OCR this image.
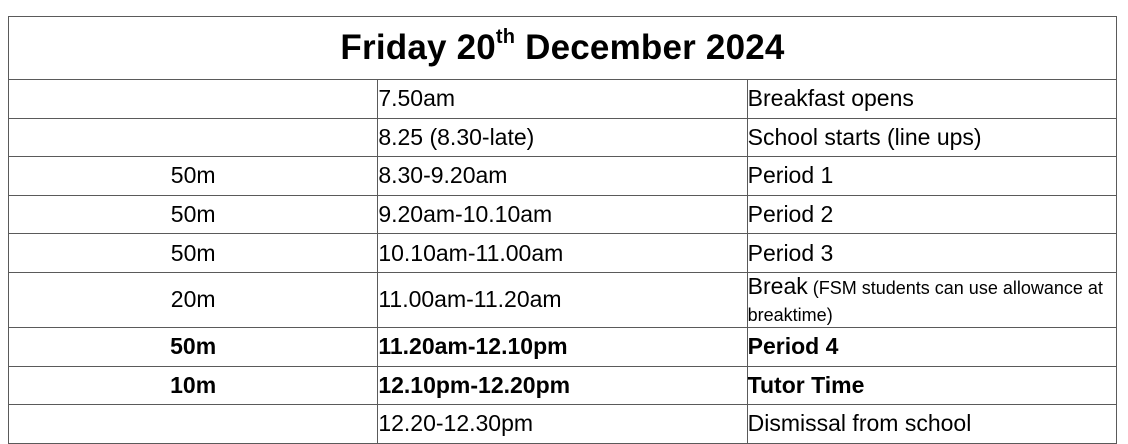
Friday 20th December 2024		
	7.50am	Breakfast opens
	8.25 (8.30-late)	School starts (line ups)
50m	8.30-9.20am	Period 1
50m	9.20am-10.10am	Period 2
50m	10.10am-11.00am	Period 3
20m	11.00am-11.20am	Break (FSM students can use allowance at breaktime)
50m	11.20am-12.10pm	Period 4
10m	12.10pm-12.20pm	Tutor Time
	12.20-12.30pm	Dismissal from school
